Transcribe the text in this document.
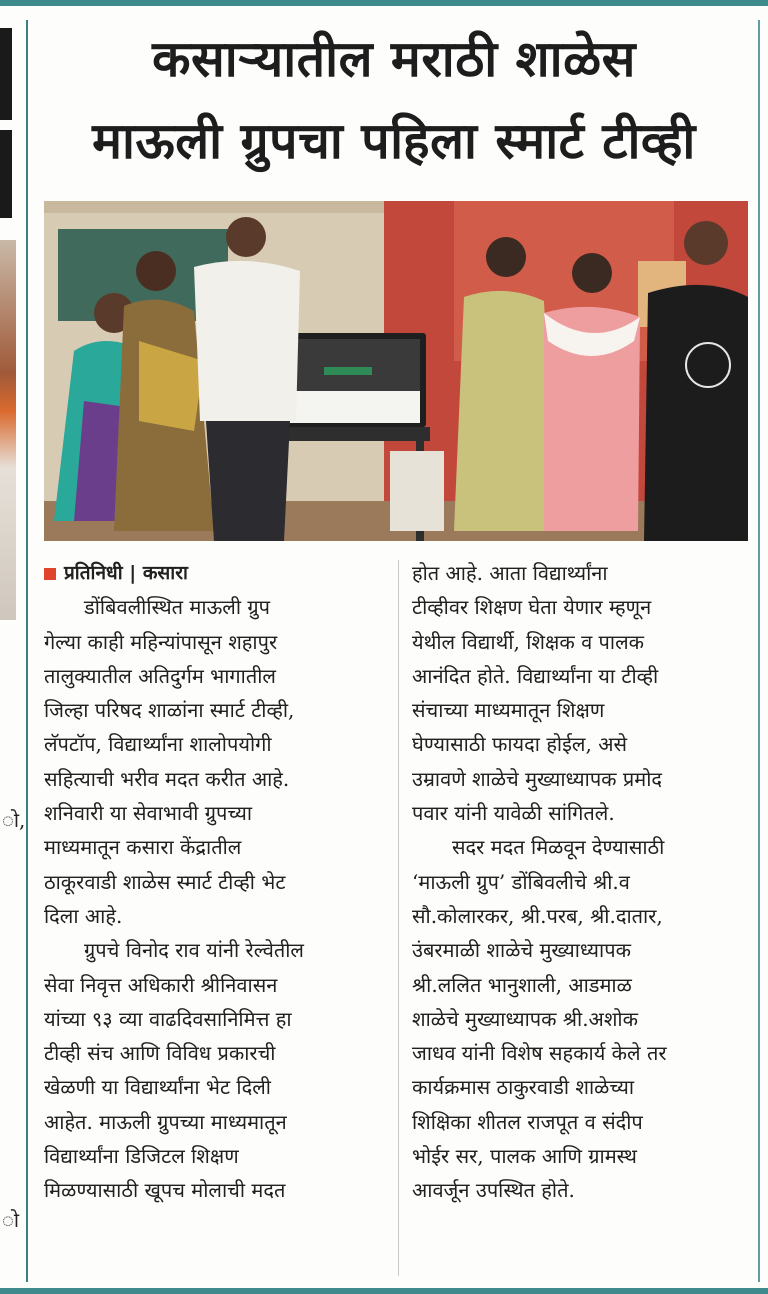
ो,
ो
कसाऱ्यातील मराठी शाळेस
माऊली ग्रुपचा पहिला स्मार्ट टीव्ही
प्रतिनिधी | कसारा
डोंबिवलीस्थित माऊली ग्रुप
गेल्या काही महिन्यांपासून शहापुर
तालुक्यातील अतिदुर्गम भागातील
जिल्हा परिषद शाळांना स्मार्ट टीव्ही,
लॅपटॉप, विद्यार्थ्यांना शालोपयोगी
सहित्याची भरीव मदत करीत आहे.
शनिवारी या सेवाभावी ग्रुपच्या
माध्यमातून कसारा केंद्रातील
ठाकूरवाडी शाळेस स्मार्ट टीव्ही भेट
दिला आहे.
ग्रुपचे विनोद राव यांनी रेल्वेतील
सेवा निवृत्त अधिकारी श्रीनिवासन
यांच्या ९३ व्या वाढदिवसानिमित्त हा
टीव्ही संच आणि विविध प्रकारची
खेळणी या विद्यार्थ्यांना भेट दिली
आहेत. माऊली ग्रुपच्या माध्यमातून
विद्यार्थ्यांना डिजिटल शिक्षण
मिळण्यासाठी खूपच मोलाची मदत
होत आहे. आता विद्यार्थ्यांना
टीव्हीवर शिक्षण घेता येणार म्हणून
येथील विद्यार्थी, शिक्षक व पालक
आनंदित होते. विद्यार्थ्यांना या टीव्ही
संचाच्या माध्यमातून शिक्षण
घेण्यासाठी फायदा होईल, असे
उम्रावणे शाळेचे मुख्याध्यापक प्रमोद
पवार यांनी यावेळी सांगितले.
सदर मदत मिळवून देण्यासाठी
‘माऊली ग्रुप’ डोंबिवलीचे श्री.व
सौ.कोलारकर, श्री.परब, श्री.दातार,
उंबरमाळी शाळेचे मुख्याध्यापक
श्री.ललित भानुशाली, आडमाळ
शाळेचे मुख्याध्यापक श्री.अशोक
जाधव यांनी विशेष सहकार्य केले तर
कार्यक्रमास ठाकुरवाडी शाळेच्या
शिक्षिका शीतल राजपूत व संदीप
भोईर सर, पालक आणि ग्रामस्थ
आवर्जून उपस्थित होते.
